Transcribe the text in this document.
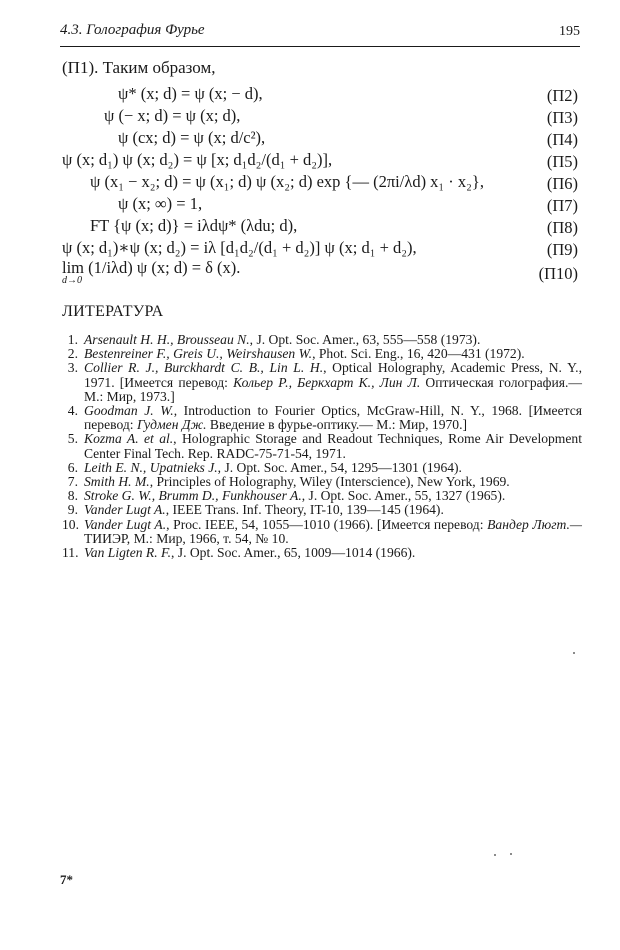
4.3. Голография Фурье	195
(П1). Таким образом,
ψ* (x; d) = ψ (x; − d),	(П2)
ψ (− x; d) = ψ (x; d),	(П3)
ψ (cx; d) = ψ (x; d/c²),	(П4)
ψ (x; d₁) ψ (x; d₂) = ψ [x; d₁d₂/(d₁ + d₂)],	(П5)
ψ (x₁ − x₂; d) = ψ (x₁; d) ψ (x₂; d) exp {— (2πi/λd) x₁ · x₂},	(П6)
ψ (x; ∞) = 1,	(П7)
FT {ψ (x; d)} = iλdψ* (λdu; d),	(П8)
ψ (x; d₁)∗ψ (x; d₂) = iλ [d₁d₂/(d₁ + d₂)] ψ (x; d₁ + d₂),	(П9)
lim (1/iλd) ψ (x; d) = δ (x).
d→0	(П10)
ЛИТЕРАТУРА
1. Arsenault H. H., Brousseau N., J. Opt. Soc. Amer., 63, 555—558 (1973).
2. Bestenreiner F., Greis U., Weirshausen W., Phot. Sci. Eng., 16, 420—431 (1972).
3. Collier R. J., Burckhardt C. B., Lin L. H., Optical Holography, Academic Press, N. Y., 1971. [Имеется перевод: Кольер Р., Беркхарт К., Лин Л. Оптическая голография.— М.: Мир, 1973.]
4. Goodman J. W., Introduction to Fourier Optics, McGraw-Hill, N. Y., 1968. [Имеется перевод: Гудмен Дж. Введение в фурье-оптику.— М.: Мир, 1970.]
5. Kozma A. et al., Holographic Storage and Readout Techniques, Rome Air Development Center Final Tech. Rep. RADC-75-71-54, 1971.
6. Leith E. N., Upatnieks J., J. Opt. Soc. Amer., 54, 1295—1301 (1964).
7. Smith H. M., Principles of Holography, Wiley (Interscience), New York, 1969.
8. Stroke G. W., Brumm D., Funkhouser A., J. Opt. Soc. Amer., 55, 1327 (1965).
9. Vander Lugt A., IEEE Trans. Inf. Theory, IT-10, 139—145 (1964).
10. Vander Lugt A., Proc. IEEE, 54, 1055—1010 (1966). [Имеется перевод: Вандер Люгт.— ТИИЭР, М.: Мир, 1966, т. 54, № 10.
11. Van Ligten R. F., J. Opt. Soc. Amer., 65, 1009—1014 (1966).
7*
